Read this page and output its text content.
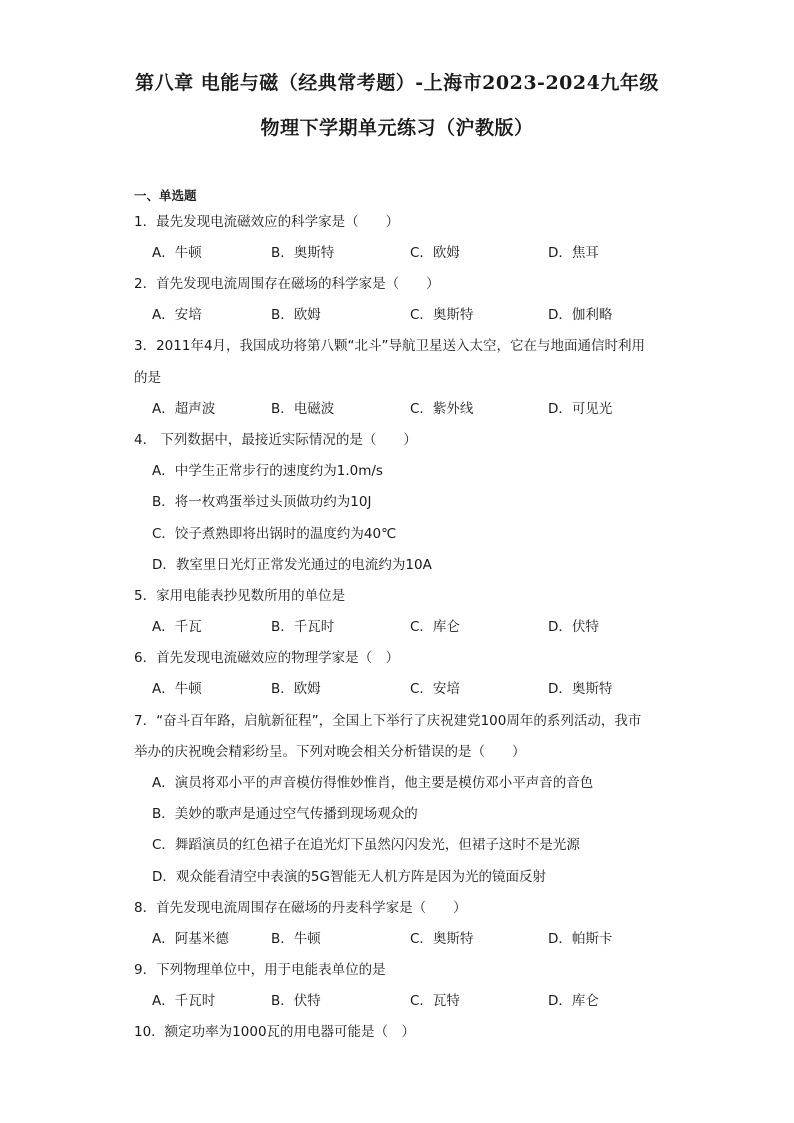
第八章 电能与磁（经典常考题）-上海市2023-2024九年级
物理下学期单元练习（沪教版）
一、单选题
1．最先发现电流磁效应的科学家是（　　）
A．牛顿	B．奥斯特	C．欧姆	D．焦耳
2．首先发现电流周围存在磁场的科学家是（　　）
A．安培	B．欧姆	C．奥斯特	D．伽利略
3．2011年4月，我国成功将第八颗“北斗”导航卫星送入太空，它在与地面通信时利用
的是
A．超声波	B．电磁波	C．紫外线	D．可见光
4． 下列数据中，最接近实际情况的是（　　）
A．中学生正常步行的速度约为1.0m/s
B．将一枚鸡蛋举过头顶做功约为10J
C．饺子煮熟即将出锅时的温度约为40℃
D．教室里日光灯正常发光通过的电流约为10A
5．家用电能表抄见数所用的单位是
A．千瓦	B．千瓦时	C．库仑	D．伏特
6．首先发现电流磁效应的物理学家是（　）
A．牛顿	B．欧姆	C．安培	D．奥斯特
7．“奋斗百年路，启航新征程”，全国上下举行了庆祝建党100周年的系列活动，我市
举办的庆祝晚会精彩纷呈。下列对晚会相关分析错误的是（　　）
A．演员将邓小平的声音模仿得惟妙惟肖，他主要是模仿邓小平声音的音色
B．美妙的歌声是通过空气传播到现场观众的
C．舞蹈演员的红色裙子在追光灯下虽然闪闪发光，但裙子这时不是光源
D．观众能看清空中表演的5G智能无人机方阵是因为光的镜面反射
8．首先发现电流周围存在磁场的丹麦科学家是（　　）
A．阿基米德	B．牛顿	C．奥斯特	D．帕斯卡
9．下列物理单位中，用于电能表单位的是
A．千瓦时	B．伏特	C．瓦特	D．库仑
10．额定功率为1000瓦的用电器可能是（　）
